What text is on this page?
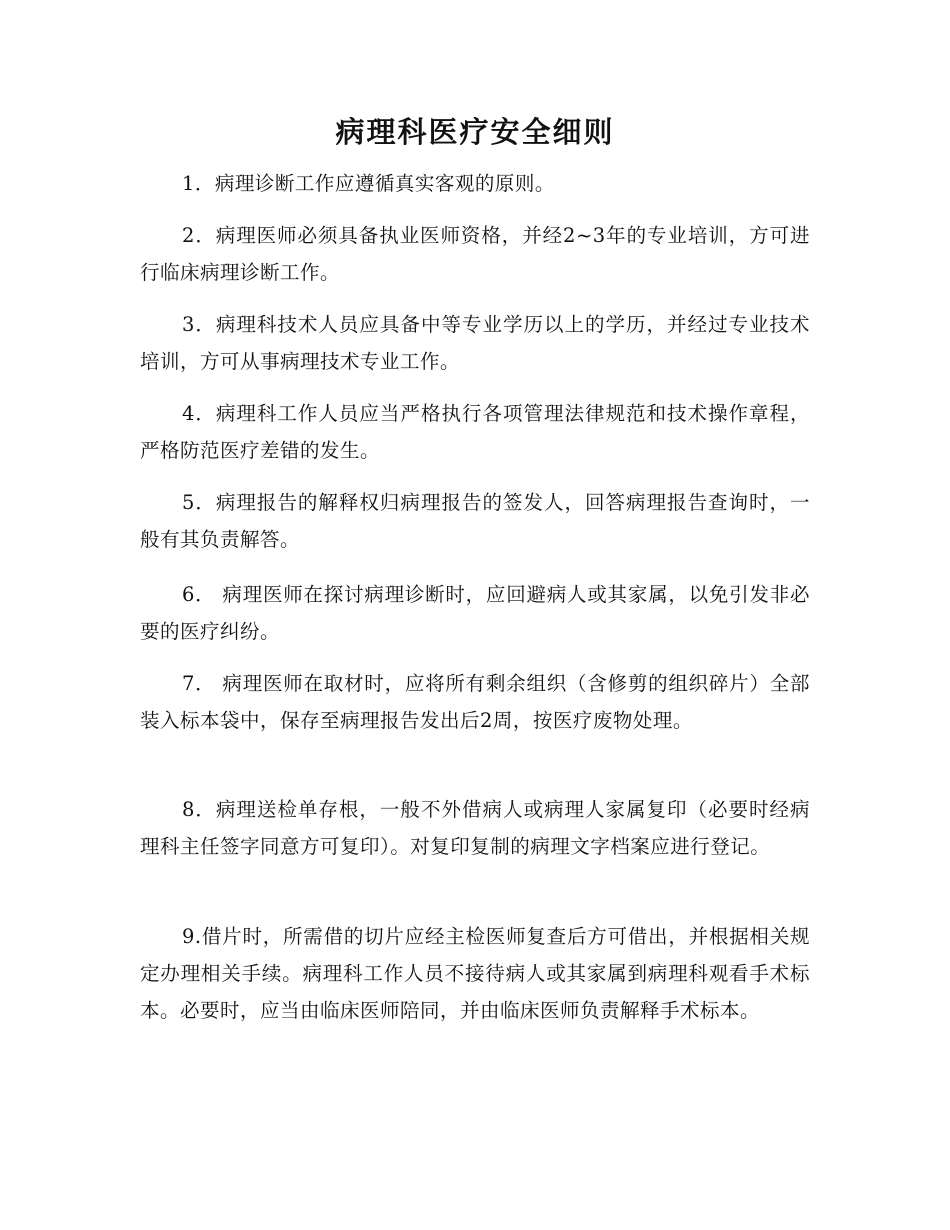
病理科医疗安全细则

1．病理诊断工作应遵循真实客观的原则。

2．病理医师必须具备执业医师资格，并经2~3年的专业培训，方可进行临床病理诊断工作。

3．病理科技术人员应具备中等专业学历以上的学历，并经过专业技术培训，方可从事病理技术专业工作。

4．病理科工作人员应当严格执行各项管理法律规范和技术操作章程，严格防范医疗差错的发生。

5．病理报告的解释权归病理报告的签发人，回答病理报告查询时，一般有其负责解答。

6． 病理医师在探讨病理诊断时，应回避病人或其家属，以免引发非必要的医疗纠纷。

7． 病理医师在取材时，应将所有剩余组织（含修剪的组织碎片）全部装入标本袋中，保存至病理报告发出后2周，按医疗废物处理。

8．病理送检单存根，一般不外借病人或病理人家属复印（必要时经病理科主任签字同意方可复印）。对复印复制的病理文字档案应进行登记。

9.借片时，所需借的切片应经主检医师复查后方可借出，并根据相关规定办理相关手续。病理科工作人员不接待病人或其家属到病理科观看手术标本。必要时，应当由临床医师陪同，并由临床医师负责解释手术标本。
